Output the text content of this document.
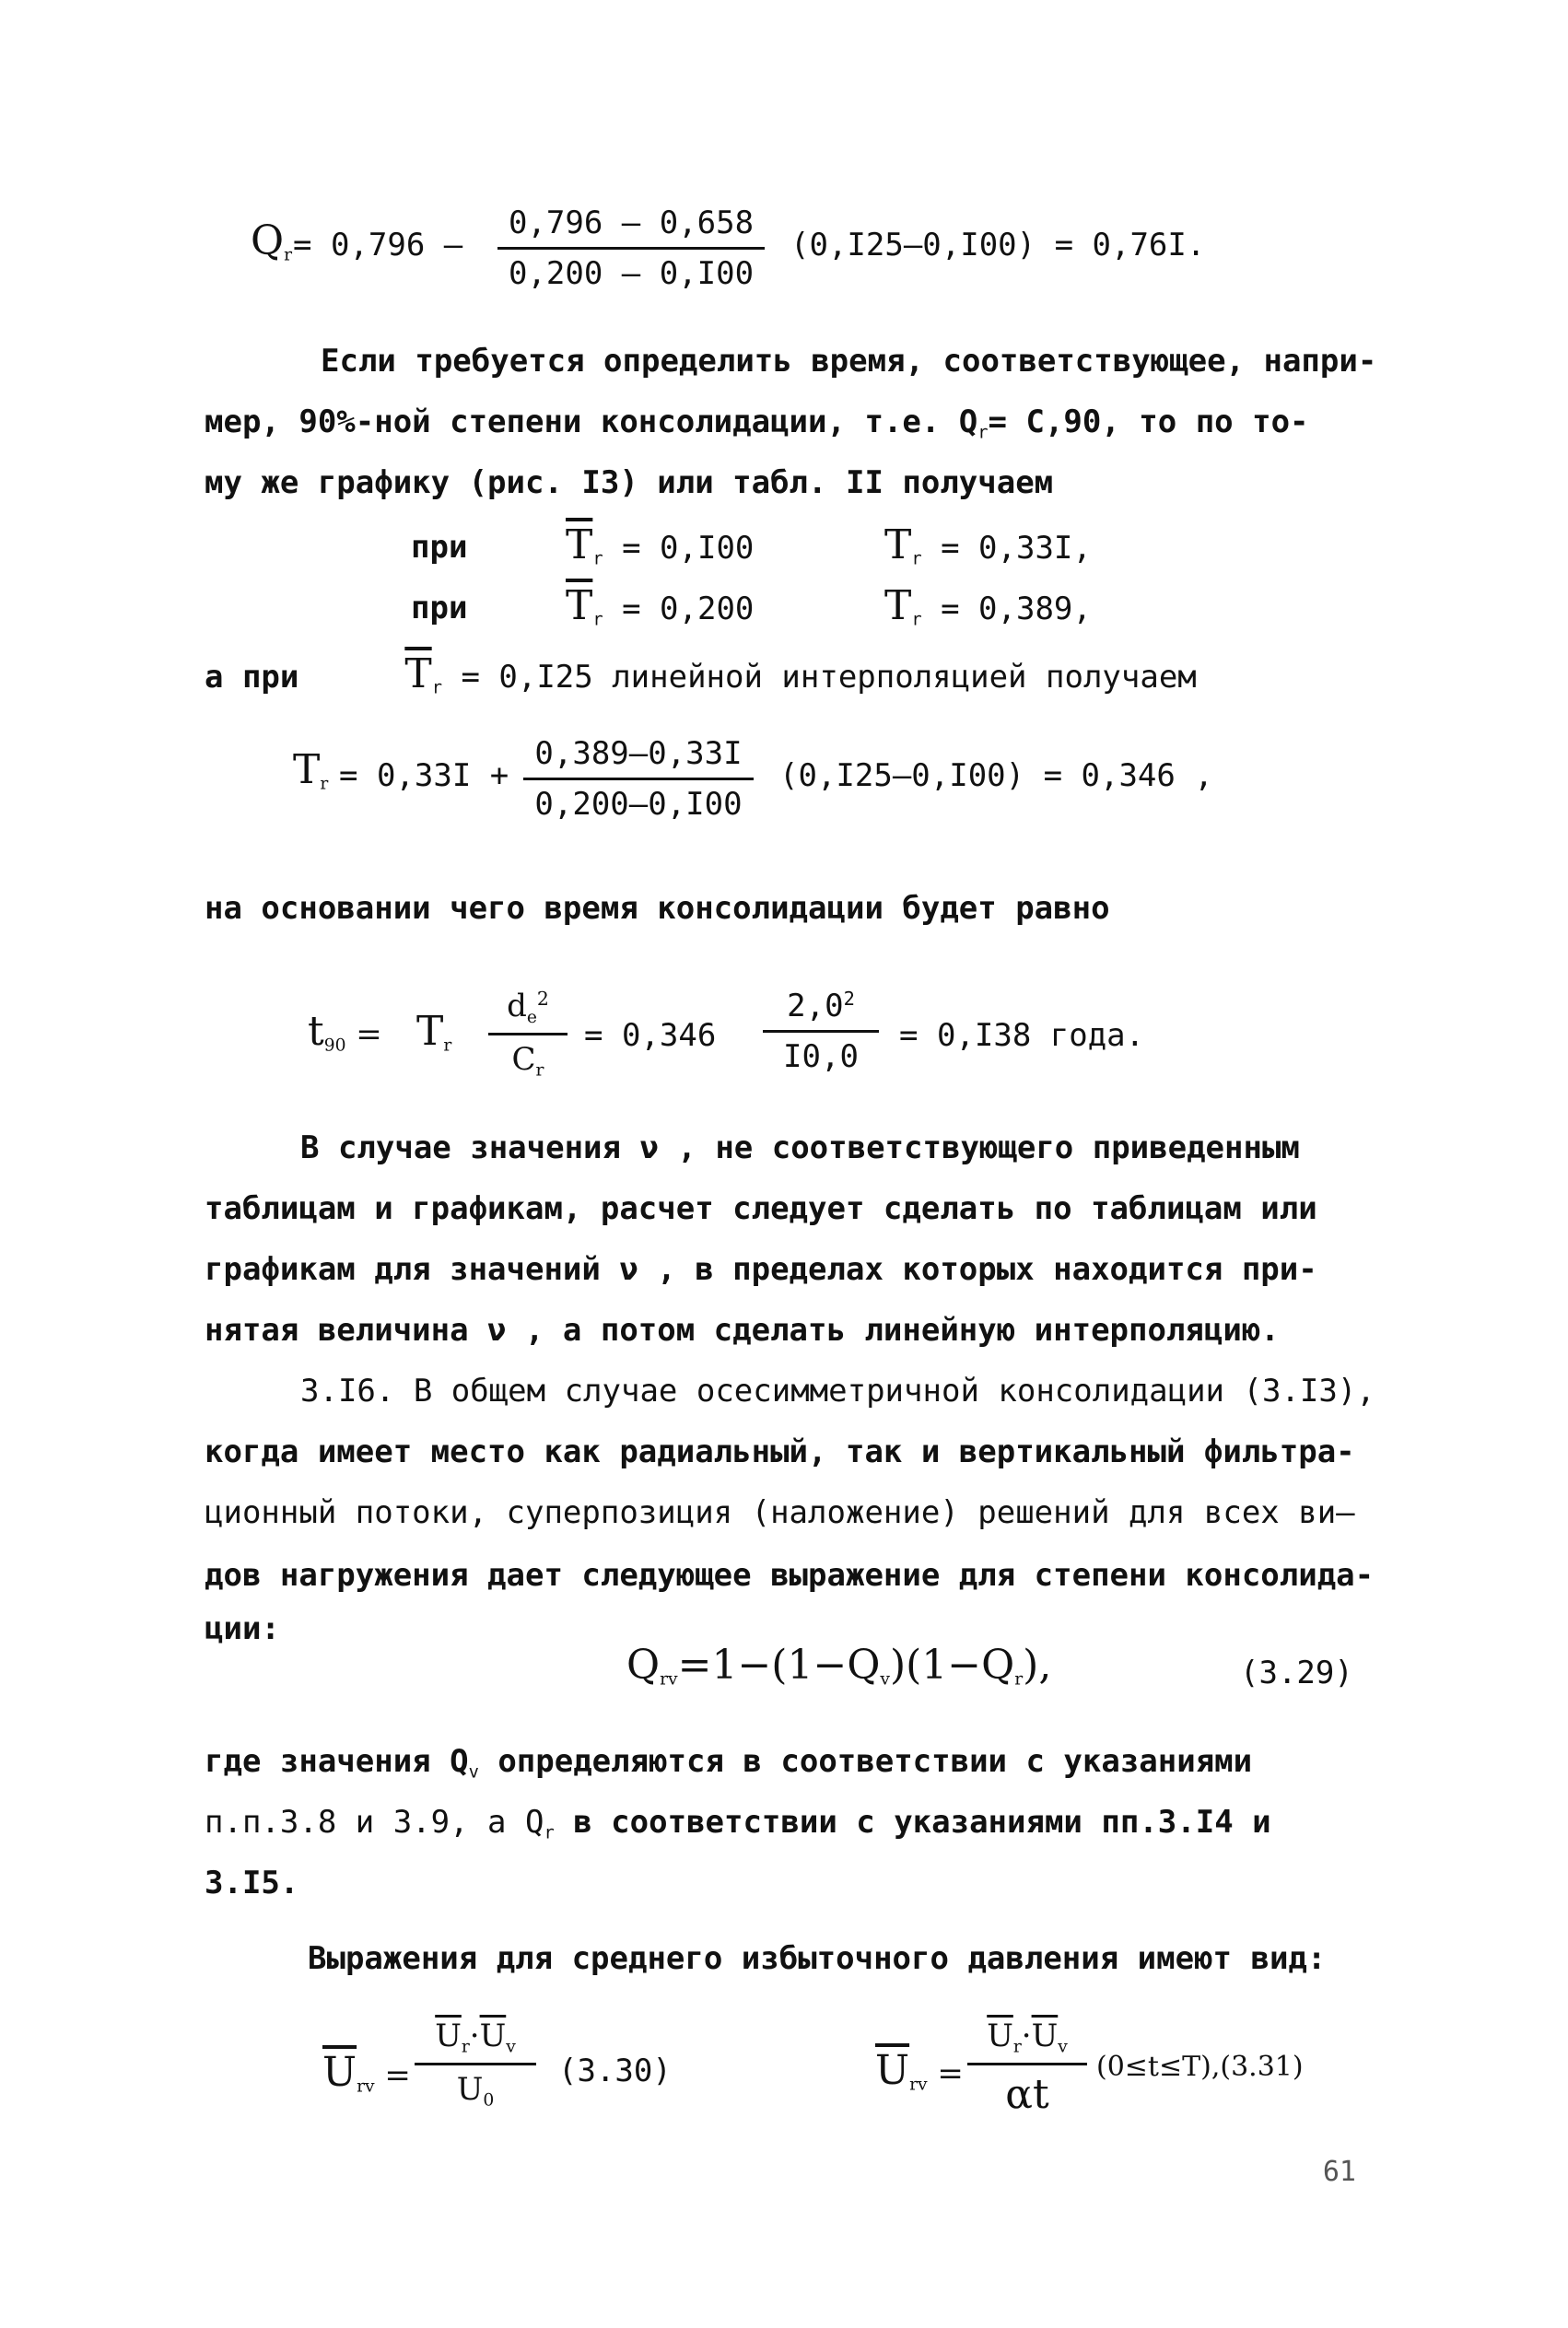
$Q_r = 0,796$ –
0,796 – 0,658
0,200 – 0,I00
(0,I25–0,I00) = 0,76I.
Если требуется определить время, соответствующее, напри-
мер, 90%-ной степени консолидации, т.е. $Q_r= С,90$, то по то-
му же графику (рис. I3) или табл. II получаем
при $\overline{T}_r = 0,I00$	$T_r = 0,33I$,
при $\overline{T}_r = 0,200$	$T_r = 0,389$,
а при	$\overline{T}_r = 0,I25$ линейной интерполяцией получаем
$T_r = 0,33I$ +
0,389–0,33I
0,200–0,I00
(0,I25–0,I00) = 0,346 ,
на основании чего время консолидации будет равно
$t_{90} = T_r$
$d_e^2$
$C_r$
= 0,346
$2,0^2$
I0,0
= 0,I38 года.
В случае значения ν , не соответствующего приведенным
таблицам и графикам, расчет следует сделать по таблицам или
графикам для значений ν , в пределах которых находится при-
нятая величина ν , а потом сделать линейную интерполяцию.
3.I6. В общем случае осесимметричной консолидации (3.I3),
когда имеет место как радиальный, так и вертикальный фильтра-
ционный потоки, суперпозиция (наложение) решений для всех ви—
дов нагружения дает следующее выражение для степени консолида-
ции:
$Q_{rv}=1-(1-Q_v)(1-Q_r)$,	(3.29)
где значения $Q_v$ определяются в соответствии с указаниями
п.п.3.8 и 3.9, а $Q_r$ в соответствии с указаниями пп.3.I4 и
3.I5.
Выражения для среднего избыточного давления имеют вид:
$\overline{U}_{rv}$ =
$\overline{U}_r\cdot\overline{U}_v$
$U_0$
(3.30)	$\overline{U}_{rv}$ =
$\overline{U}_r\cdot\overline{U}_v$
αt
(0≤t≤T),(3.31)
61
